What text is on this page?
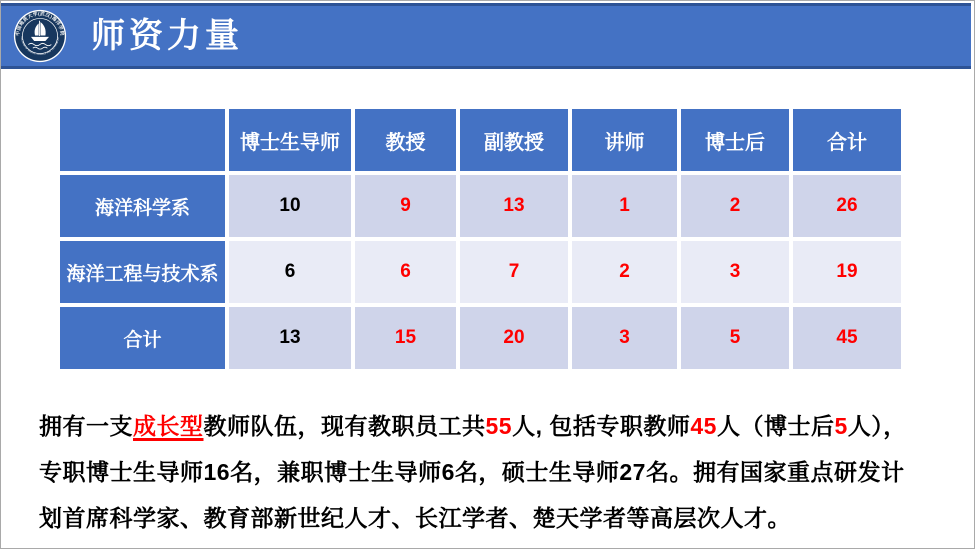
中国地质大学(武汉)海洋学院
COLLEGE OF MARINE SCIENCE AND TECHNOLOGY 师资力量
	博士生导师	教授	副教授	讲师	博士后	合计
海洋科学系	10	9	13	1	2	26
海洋工程与技术系	6	6	7	2	3	19
合计	13	15	20	3	5	45
拥有一支成长型教师队伍，现有教职员工共55人, 包括专职教师45人（博士后5人），
专职博士生导师16名，兼职博士生导师6名，硕士生导师27名。拥有国家重点研发计
划首席科学家、教育部新世纪人才、长江学者、楚天学者等高层次人才。
